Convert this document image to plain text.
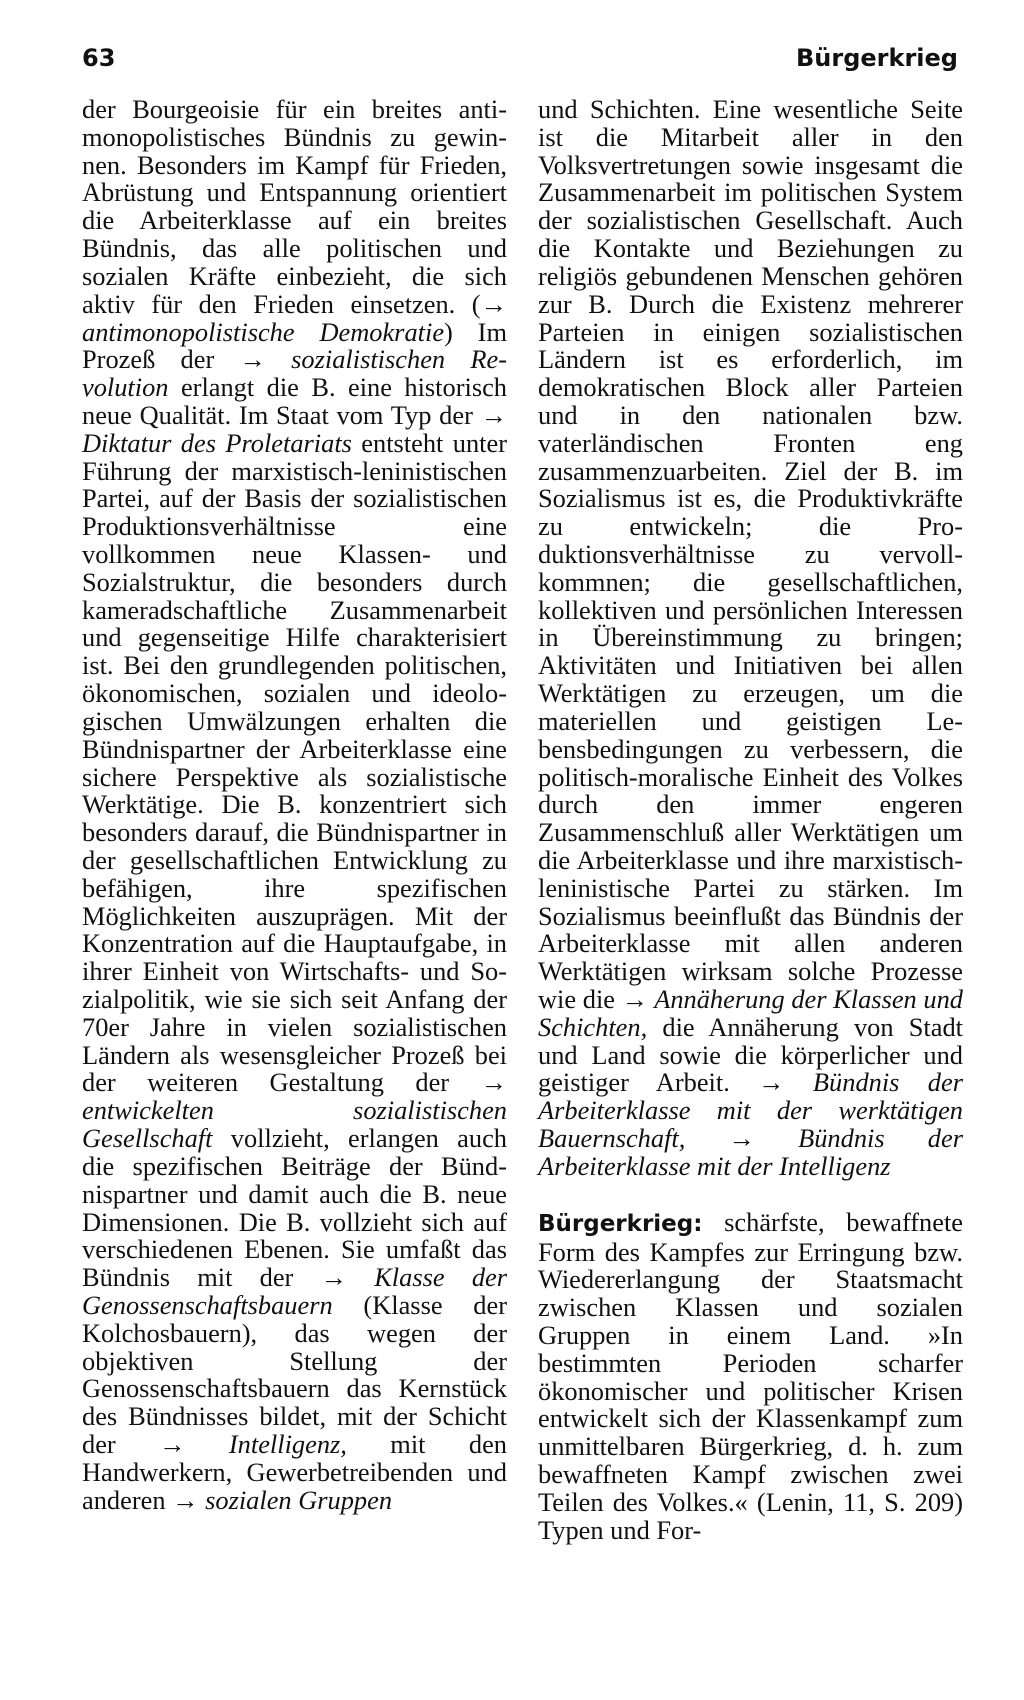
63	Bürgerkrieg

der Bourgeoisie für ein breites antimonopolistisches Bündnis zu gewinnen. Besonders im Kampf für Frieden, Abrüstung und Entspannung orientiert die Arbeiterklasse auf ein breites Bündnis, das alle politischen und sozialen Kräfte einbezieht, die sich aktiv für den Frieden einsetzen. (→ antimonopolistische Demokratie) Im Prozeß der → sozialistischen Revolution erlangt die B. eine historisch neue Qualität. Im Staat vom Typ der → Diktatur des Proletariats entsteht unter Führung der marxistisch-leninistischen Partei, auf der Basis der sozialistischen Produktionsverhältnisse eine vollkommen neue Klassen- und Sozialstruktur, die besonders durch kameradschaftliche Zusammenarbeit und gegenseitige Hilfe charakterisiert ist. Bei den grundlegenden politischen, ökonomischen, sozialen und ideologischen Umwälzungen erhalten die Bündnispartner der Arbeiterklasse eine sichere Perspektive als sozialistische Werktätige. Die B. konzentriert sich besonders darauf, die Bündnispartner in der gesellschaftlichen Entwicklung zu befähigen, ihre spezifischen Möglichkeiten auszuprägen. Mit der Konzentration auf die Hauptaufgabe, in ihrer Einheit von Wirtschafts- und Sozialpolitik, wie sie sich seit Anfang der 70er Jahre in vielen sozialistischen Ländern als wesensgleicher Prozeß bei der weiteren Gestaltung der → entwickelten sozialistischen Gesellschaft vollzieht, erlangen auch die spezifischen Beiträge der Bündnispartner und damit auch die B. neue Dimensionen. Die B. vollzieht sich auf verschiedenen Ebenen. Sie umfaßt das Bündnis mit der → Klasse der Genossenschaftsbauern (Klasse der Kolchosbauern), das wegen der objektiven Stellung der Genossenschaftsbauern das Kernstück des Bündnisses bildet, mit der Schicht der → Intelligenz, mit den Handwerkern, Gewerbetreibenden und anderen → sozialen Gruppen

und Schichten. Eine wesentliche Seite ist die Mitarbeit aller in den Volksvertretungen sowie insgesamt die Zusammenarbeit im politischen System der sozialistischen Gesellschaft. Auch die Kontakte und Beziehungen zu religiös gebundenen Menschen gehören zur B. Durch die Existenz mehrerer Parteien in einigen sozialistischen Ländern ist es erforderlich, im demokratischen Block aller Parteien und in den nationalen bzw. vaterländischen Fronten eng zusammenzuarbeiten. Ziel der B. im Sozialismus ist es, die Produktivkräfte zu entwickeln; die Produktionsverhältnisse zu vervollkommnen; die gesellschaftlichen, kollektiven und persönlichen Interessen in Übereinstimmung zu bringen; Aktivitäten und Initiativen bei allen Werktätigen zu erzeugen, um die materiellen und geistigen Lebensbedingungen zu verbessern, die politisch-moralische Einheit des Volkes durch den immer engeren Zusammenschluß aller Werktätigen um die Arbeiterklasse und ihre marxistisch-leninistische Partei zu stärken. Im Sozialismus beeinflußt das Bündnis der Arbeiterklasse mit allen anderen Werktätigen wirksam solche Prozesse wie die → Annäherung der Klassen und Schichten, die Annäherung von Stadt und Land sowie die körperlicher und geistiger Arbeit. → Bündnis der Arbeiterklasse mit der werktätigen Bauernschaft, → Bündnis der Arbeiterklasse mit der Intelligenz

Bürgerkrieg: schärfste, bewaffnete Form des Kampfes zur Erringung bzw. Wiedererlangung der Staatsmacht zwischen Klassen und sozialen Gruppen in einem Land. »In bestimmten Perioden scharfer ökonomischer und politischer Krisen entwickelt sich der Klassenkampf zum unmittelbaren Bürgerkrieg, d. h. zum bewaffneten Kampf zwischen zwei Teilen des Volkes.« (Lenin, 11, S. 209) Typen und For-
